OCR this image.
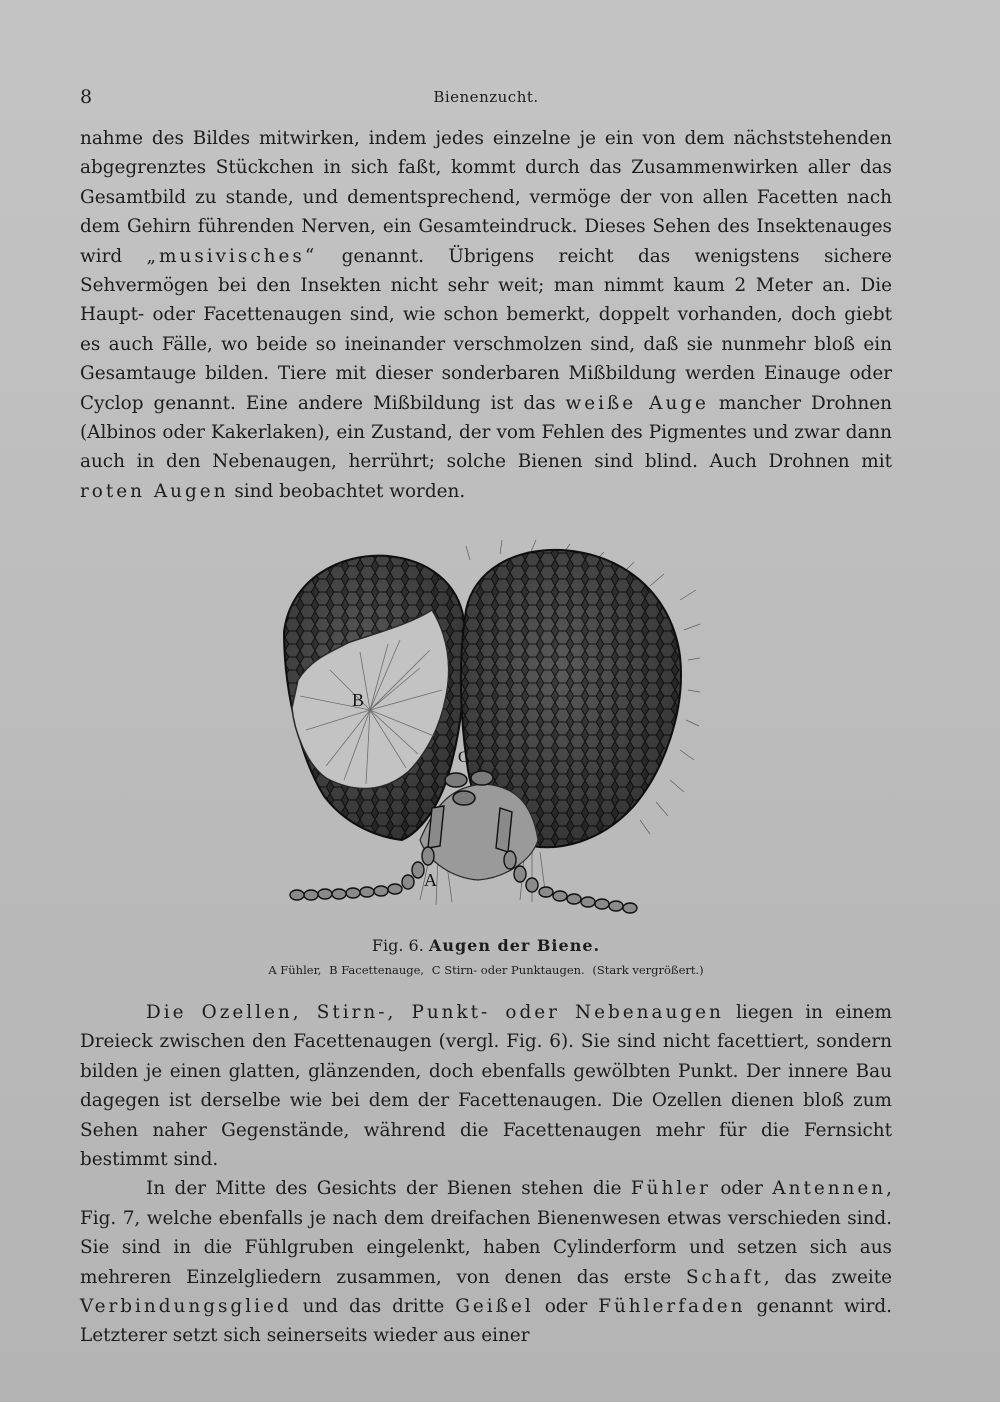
8	Bienenzucht.

nahme des Bildes mitwirken, indem jedes einzelne je ein von dem nächststehenden abgegrenztes Stückchen in sich faßt, kommt durch das Zusammenwirken aller das Gesamtbild zu stande, und dementsprechend, vermöge der von allen Facetten nach dem Gehirn führenden Nerven, ein Gesamteindruck. Dieses Sehen des Insektenauges wird „musivisches“ genannt. Übrigens reicht das wenigstens sichere Sehvermögen bei den Insekten nicht sehr weit; man nimmt kaum 2 Meter an. Die Haupt- oder Facettenaugen sind, wie schon bemerkt, doppelt vorhanden, doch giebt es auch Fälle, wo beide so ineinander verschmolzen sind, daß sie nunmehr bloß ein Gesamtauge bilden. Tiere mit dieser sonderbaren Mißbildung werden Einauge oder Cyclop genannt. Eine andere Mißbildung ist das weiße Auge mancher Drohnen (Albinos oder Kakerlaken), ein Zustand, der vom Fehlen des Pigmentes und zwar dann auch in den Nebenaugen, herrührt; solche Bienen sind blind. Auch Drohnen mit roten Augen sind beobachtet worden.

B
C
A
Fig. 6. Augen der Biene.
A Fühler, B Facettenauge, C Stirn- oder Punktaugen. (Stark vergrößert.)

Die Ozellen, Stirn-, Punkt- oder Nebenaugen liegen in einem Dreieck zwischen den Facettenaugen (vergl. Fig. 6). Sie sind nicht facettiert, sondern bilden je einen glatten, glänzenden, doch ebenfalls gewölbten Punkt. Der innere Bau dagegen ist derselbe wie bei dem der Facettenaugen. Die Ozellen dienen bloß zum Sehen naher Gegenstände, während die Facettenaugen mehr für die Fernsicht bestimmt sind.

In der Mitte des Gesichts der Bienen stehen die Fühler oder Antennen, Fig. 7, welche ebenfalls je nach dem dreifachen Bienenwesen etwas verschieden sind. Sie sind in die Fühlgruben eingelenkt, haben Cylinderform und setzen sich aus mehreren Einzelgliedern zusammen, von denen das erste Schaft, das zweite Verbindungsglied und das dritte Geißel oder Fühlerfaden genannt wird. Letzterer setzt sich seinerseits wieder aus einer
